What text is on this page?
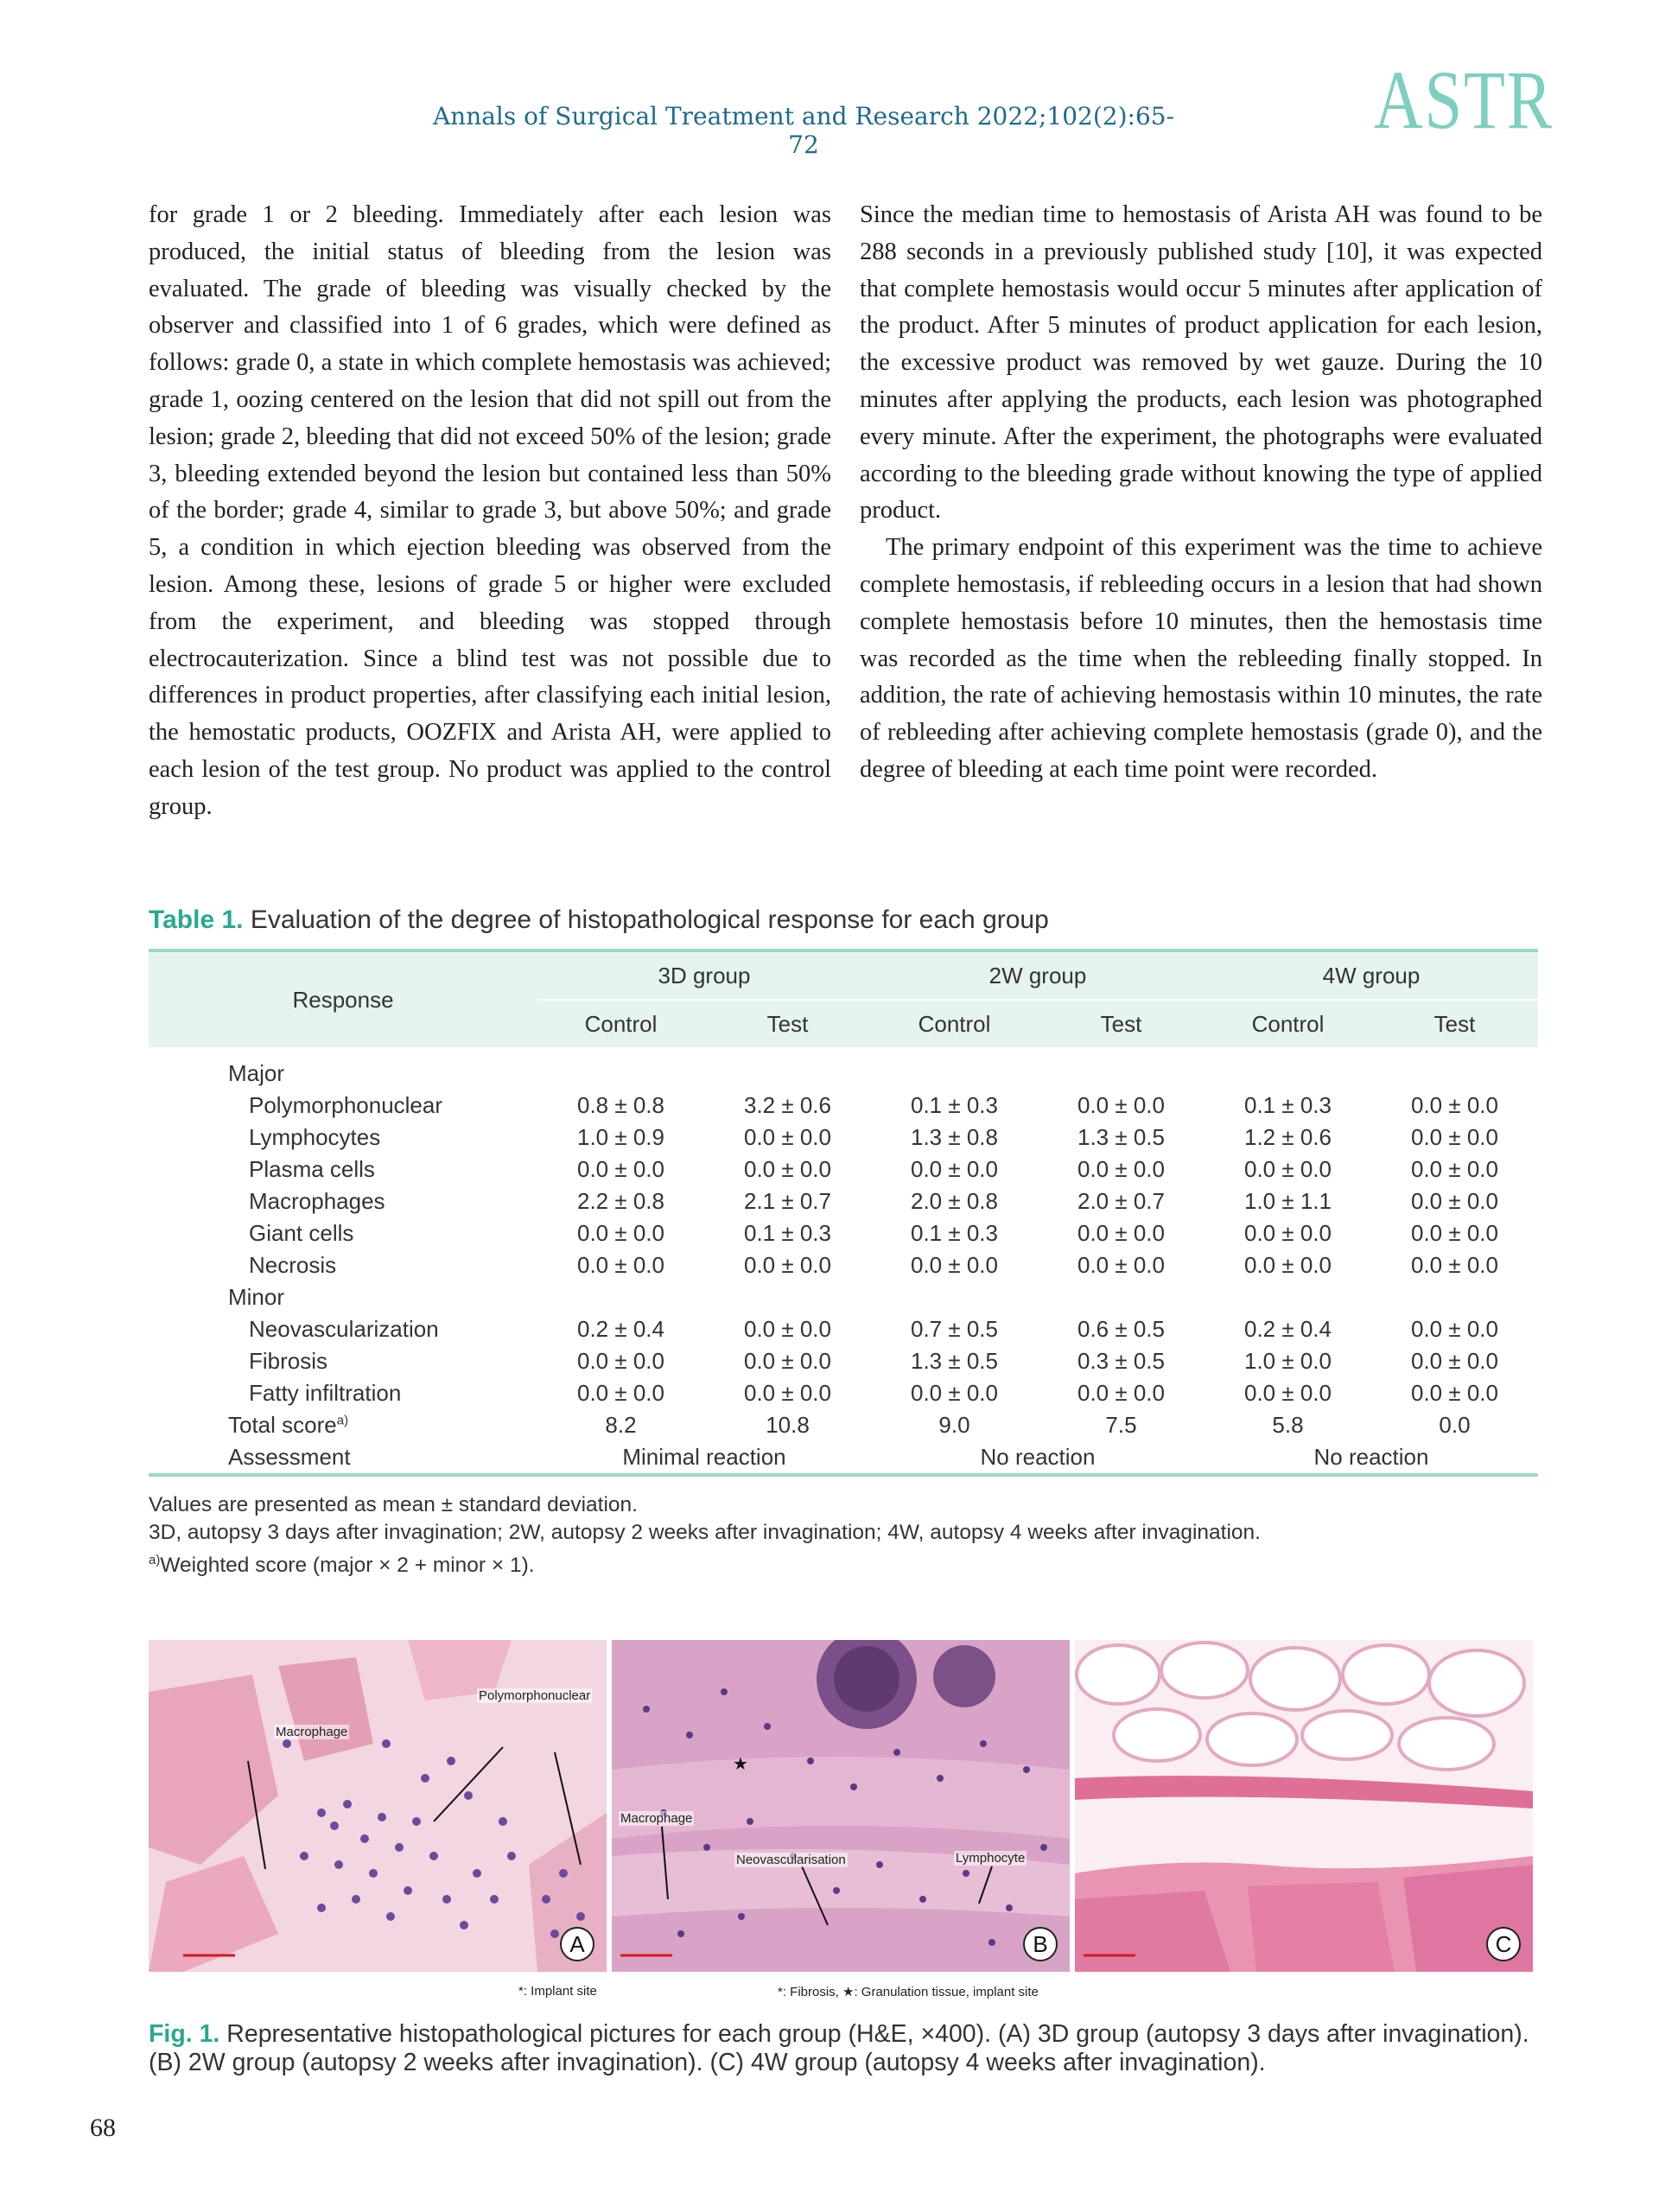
Annals of Surgical Treatment and Research 2022;102(2):65-72	ASTR

for grade 1 or 2 bleeding. Immediately after each lesion was produced, the initial status of bleeding from the lesion was evaluated. The grade of bleeding was visually checked by the observer and classified into 1 of 6 grades, which were defined as follows: grade 0, a state in which complete hemostasis was achieved; grade 1, oozing centered on the lesion that did not spill out from the lesion; grade 2, bleeding that did not exceed 50% of the lesion; grade 3, bleeding extended beyond the lesion but contained less than 50% of the border; grade 4, similar to grade 3, but above 50%; and grade 5, a condition in which ejection bleeding was observed from the lesion. Among these, lesions of grade 5 or higher were excluded from the experiment, and bleeding was stopped through electrocauterization. Since a blind test was not possible due to differences in product properties, after classifying each initial lesion, the hemostatic products, OOZFIX and Arista AH, were applied to each lesion of the test group. No product was applied to the control group.

Since the median time to hemostasis of Arista AH was found to be 288 seconds in a previously published study [10], it was expected that complete hemostasis would occur 5 minutes after application of the product. After 5 minutes of product application for each lesion, the excessive product was removed by wet gauze. During the 10 minutes after applying the products, each lesion was photographed every minute. After the experiment, the photographs were evaluated according to the bleeding grade without knowing the type of applied product.

The primary endpoint of this experiment was the time to achieve complete hemostasis, if rebleeding occurs in a lesion that had shown complete hemostasis before 10 minutes, then the hemostasis time was recorded as the time when the rebleeding finally stopped. In addition, the rate of achieving hemostasis within 10 minutes, the rate of rebleeding after achieving complete hemostasis (grade 0), and the degree of bleeding at each time point were recorded.

Table 1. Evaluation of the degree of histopathological response for each group
Response	3D group		2W group		4W group	
	Control	Test	Control	Test	Control	Test
Major						
Polymorphonuclear	0.8 ± 0.8	3.2 ± 0.6	0.1 ± 0.3	0.0 ± 0.0	0.1 ± 0.3	0.0 ± 0.0
Lymphocytes	1.0 ± 0.9	0.0 ± 0.0	1.3 ± 0.8	1.3 ± 0.5	1.2 ± 0.6	0.0 ± 0.0
Plasma cells	0.0 ± 0.0	0.0 ± 0.0	0.0 ± 0.0	0.0 ± 0.0	0.0 ± 0.0	0.0 ± 0.0
Macrophages	2.2 ± 0.8	2.1 ± 0.7	2.0 ± 0.8	2.0 ± 0.7	1.0 ± 1.1	0.0 ± 0.0
Giant cells	0.0 ± 0.0	0.1 ± 0.3	0.1 ± 0.3	0.0 ± 0.0	0.0 ± 0.0	0.0 ± 0.0
Necrosis	0.0 ± 0.0	0.0 ± 0.0	0.0 ± 0.0	0.0 ± 0.0	0.0 ± 0.0	0.0 ± 0.0
Minor						
Neovascularization	0.2 ± 0.4	0.0 ± 0.0	0.7 ± 0.5	0.6 ± 0.5	0.2 ± 0.4	0.0 ± 0.0
Fibrosis	0.0 ± 0.0	0.0 ± 0.0	1.3 ± 0.5	0.3 ± 0.5	1.0 ± 0.0	0.0 ± 0.0
Fatty infiltration	0.0 ± 0.0	0.0 ± 0.0	0.0 ± 0.0	0.0 ± 0.0	0.0 ± 0.0	0.0 ± 0.0
Total score$^{a)}$	8.2	10.8	9.0	7.5	5.8	0.0
Assessment	Minimal reaction		No reaction		No reaction	

Values are presented as mean ± standard deviation.

3D, autopsy 3 days after invagination; 2W, autopsy 2 weeks after invagination; 4W, autopsy 4 weeks after invagination.

$^{a)}$Weighted score (major × 2 + minor × 1).

Macrophage
Polymorphonuclear
A
★
Macrophage
Neovascularisation	Lymphocyte
B	C
*: Implant site	*: Fibrosis, ★: Granulation tissue, implant site
Fig. 1. Representative histopathological pictures for each group (H&E, ×400). (A) 3D group (autopsy 3 days after invagination). (B) 2W group (autopsy 2 weeks after invagination). (C) 4W group (autopsy 4 weeks after invagination).
68
